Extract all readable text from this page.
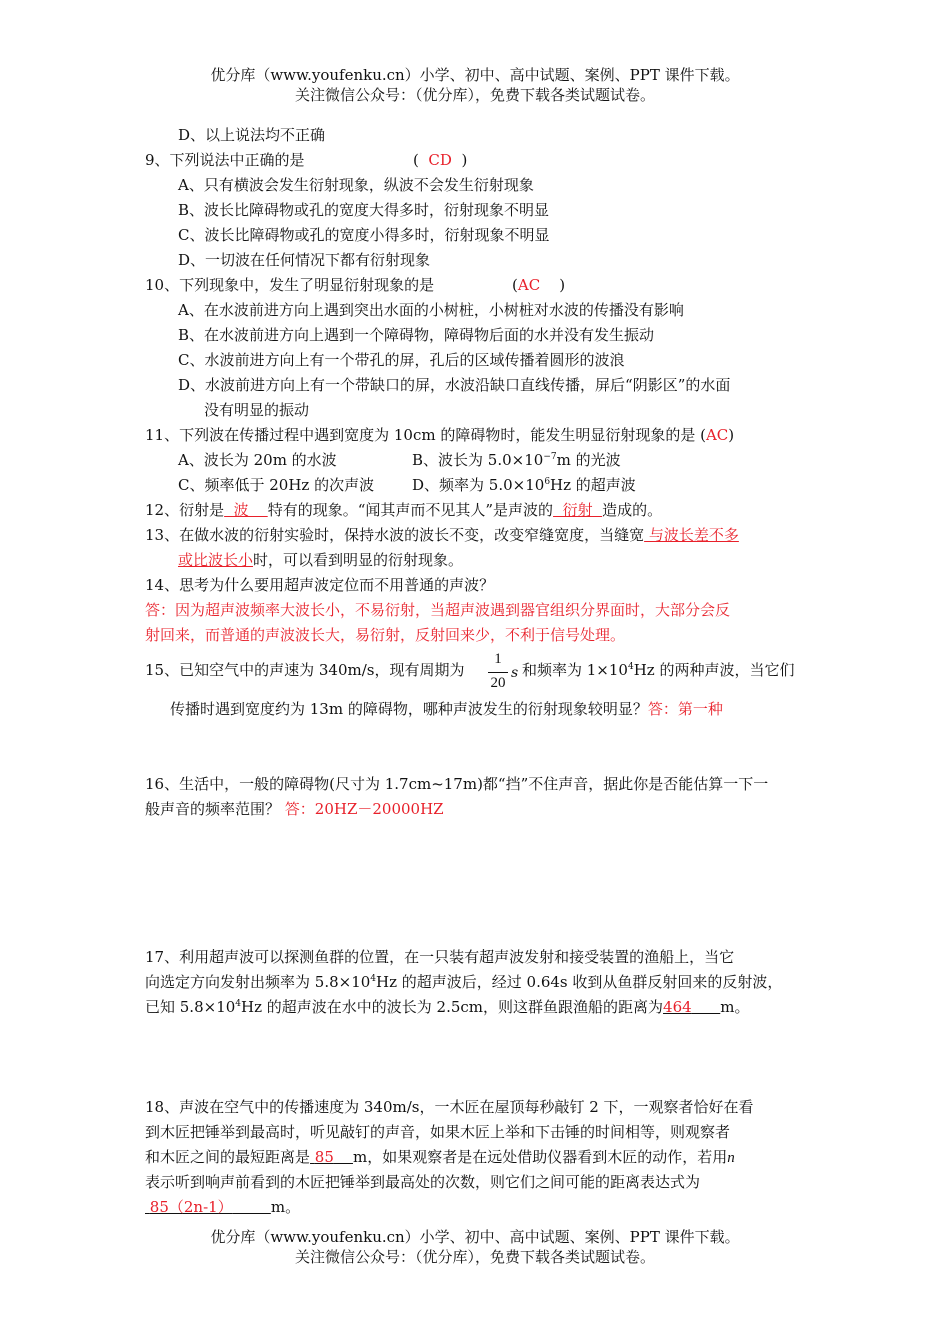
优分库（www.youfenku.cn）小学、初中、高中试题、案例、PPT 课件下载。
关注微信公众号：（优分库），免费下载各类试题试卷。
D、以上说法均不正确
9、下列说法中正确的是	( CD )
A、只有横波会发生衍射现象，纵波不会发生衍射现象
B、波长比障碍物或孔的宽度大得多时，衍射现象不明显
C、波长比障碍物或孔的宽度小得多时，衍射现象不明显
D、一切波在任何情况下都有衍射现象
10、下列现象中，发生了明显衍射现象的是	(AC )
A、在水波前进方向上遇到突出水面的小树桩，小树桩对水波的传播没有影响
B、在水波前进方向上遇到一个障碍物，障碍物后面的水并没有发生振动
C、水波前进方向上有一个带孔的屏，孔后的区域传播着圆形的波浪
D、水波前进方向上有一个带缺口的屏，水波沿缺口直线传播，屏后“阴影区”的水面
没有明显的振动
11、下列波在传播过程中遇到宽度为 10cm 的障碍物时，能发生明显衍射现象的是 (AC)
A、波长为 20m 的水波	B、波长为 $5.0\times 10^{-7}m$ 的光波
C、频率低于 20Hz 的次声波	D、频率为 $5.0\times 10^6Hz$ 的超声波
12、衍射是  波    特有的现象。“闻其声而不见其人”是声波的  衍射  造成的。
13、在做水波的衍射实验时，保持水波的波长不变，改变窄缝宽度，当缝宽 与波长差不多
或比波长小时，可以看到明显的衍射现象。
14、思考为什么要用超声波定位而不用普通的声波？
答：因为超声波频率大波长小，不易衍射，当超声波遇到器官组织分界面时，大部分会反
射回来，而普通的声波波长大，易衍射，反射回来少，不利于信号处理。
15、已知空气中的声速为 340m/s，现有周期为
1
20
s 和频率为 $1\times 10^4Hz$ 的两种声波，当它们
传播时遇到宽度约为 13m 的障碍物，哪种声波发生的衍射现象较明显？答：第一种
16、生活中，一般的障碍物(尺寸为 1.7cm~17m)都“挡”不住声音，据此你是否能估算一下一
般声音的频率范围？ 答：20HZ－20000HZ
17、利用超声波可以探测鱼群的位置，在一只装有超声波发射和接受装置的渔船上，当它
向选定方向发射出频率为 $5.8\times 10^4Hz$ 的超声波后，经过 0.64s 收到从鱼群反射回来的反射波，
已知 $5.8\times 10^4Hz$ 的超声波在水中的波长为 2.5cm，则这群鱼跟渔船的距离为464 m。
18、声波在空气中的传播速度为 340m/s，一木匠在屋顶每秒敲钉 2 下，一观察者恰好在看
到木匠把锤举到最高时，听见敲钉的声音，如果木匠上举和下击锤的时间相等，则观察者
和木匠之间的最短距离是 85 m，如果观察者是在远处借助仪器看到木匠的动作，若用n
表示听到响声前看到的木匠把锤举到最高处的次数，则它们之间可能的距离表达式为
85（2n-1）	m。
优分库（www.youfenku.cn）小学、初中、高中试题、案例、PPT 课件下载。
关注微信公众号：（优分库），免费下载各类试题试卷。
